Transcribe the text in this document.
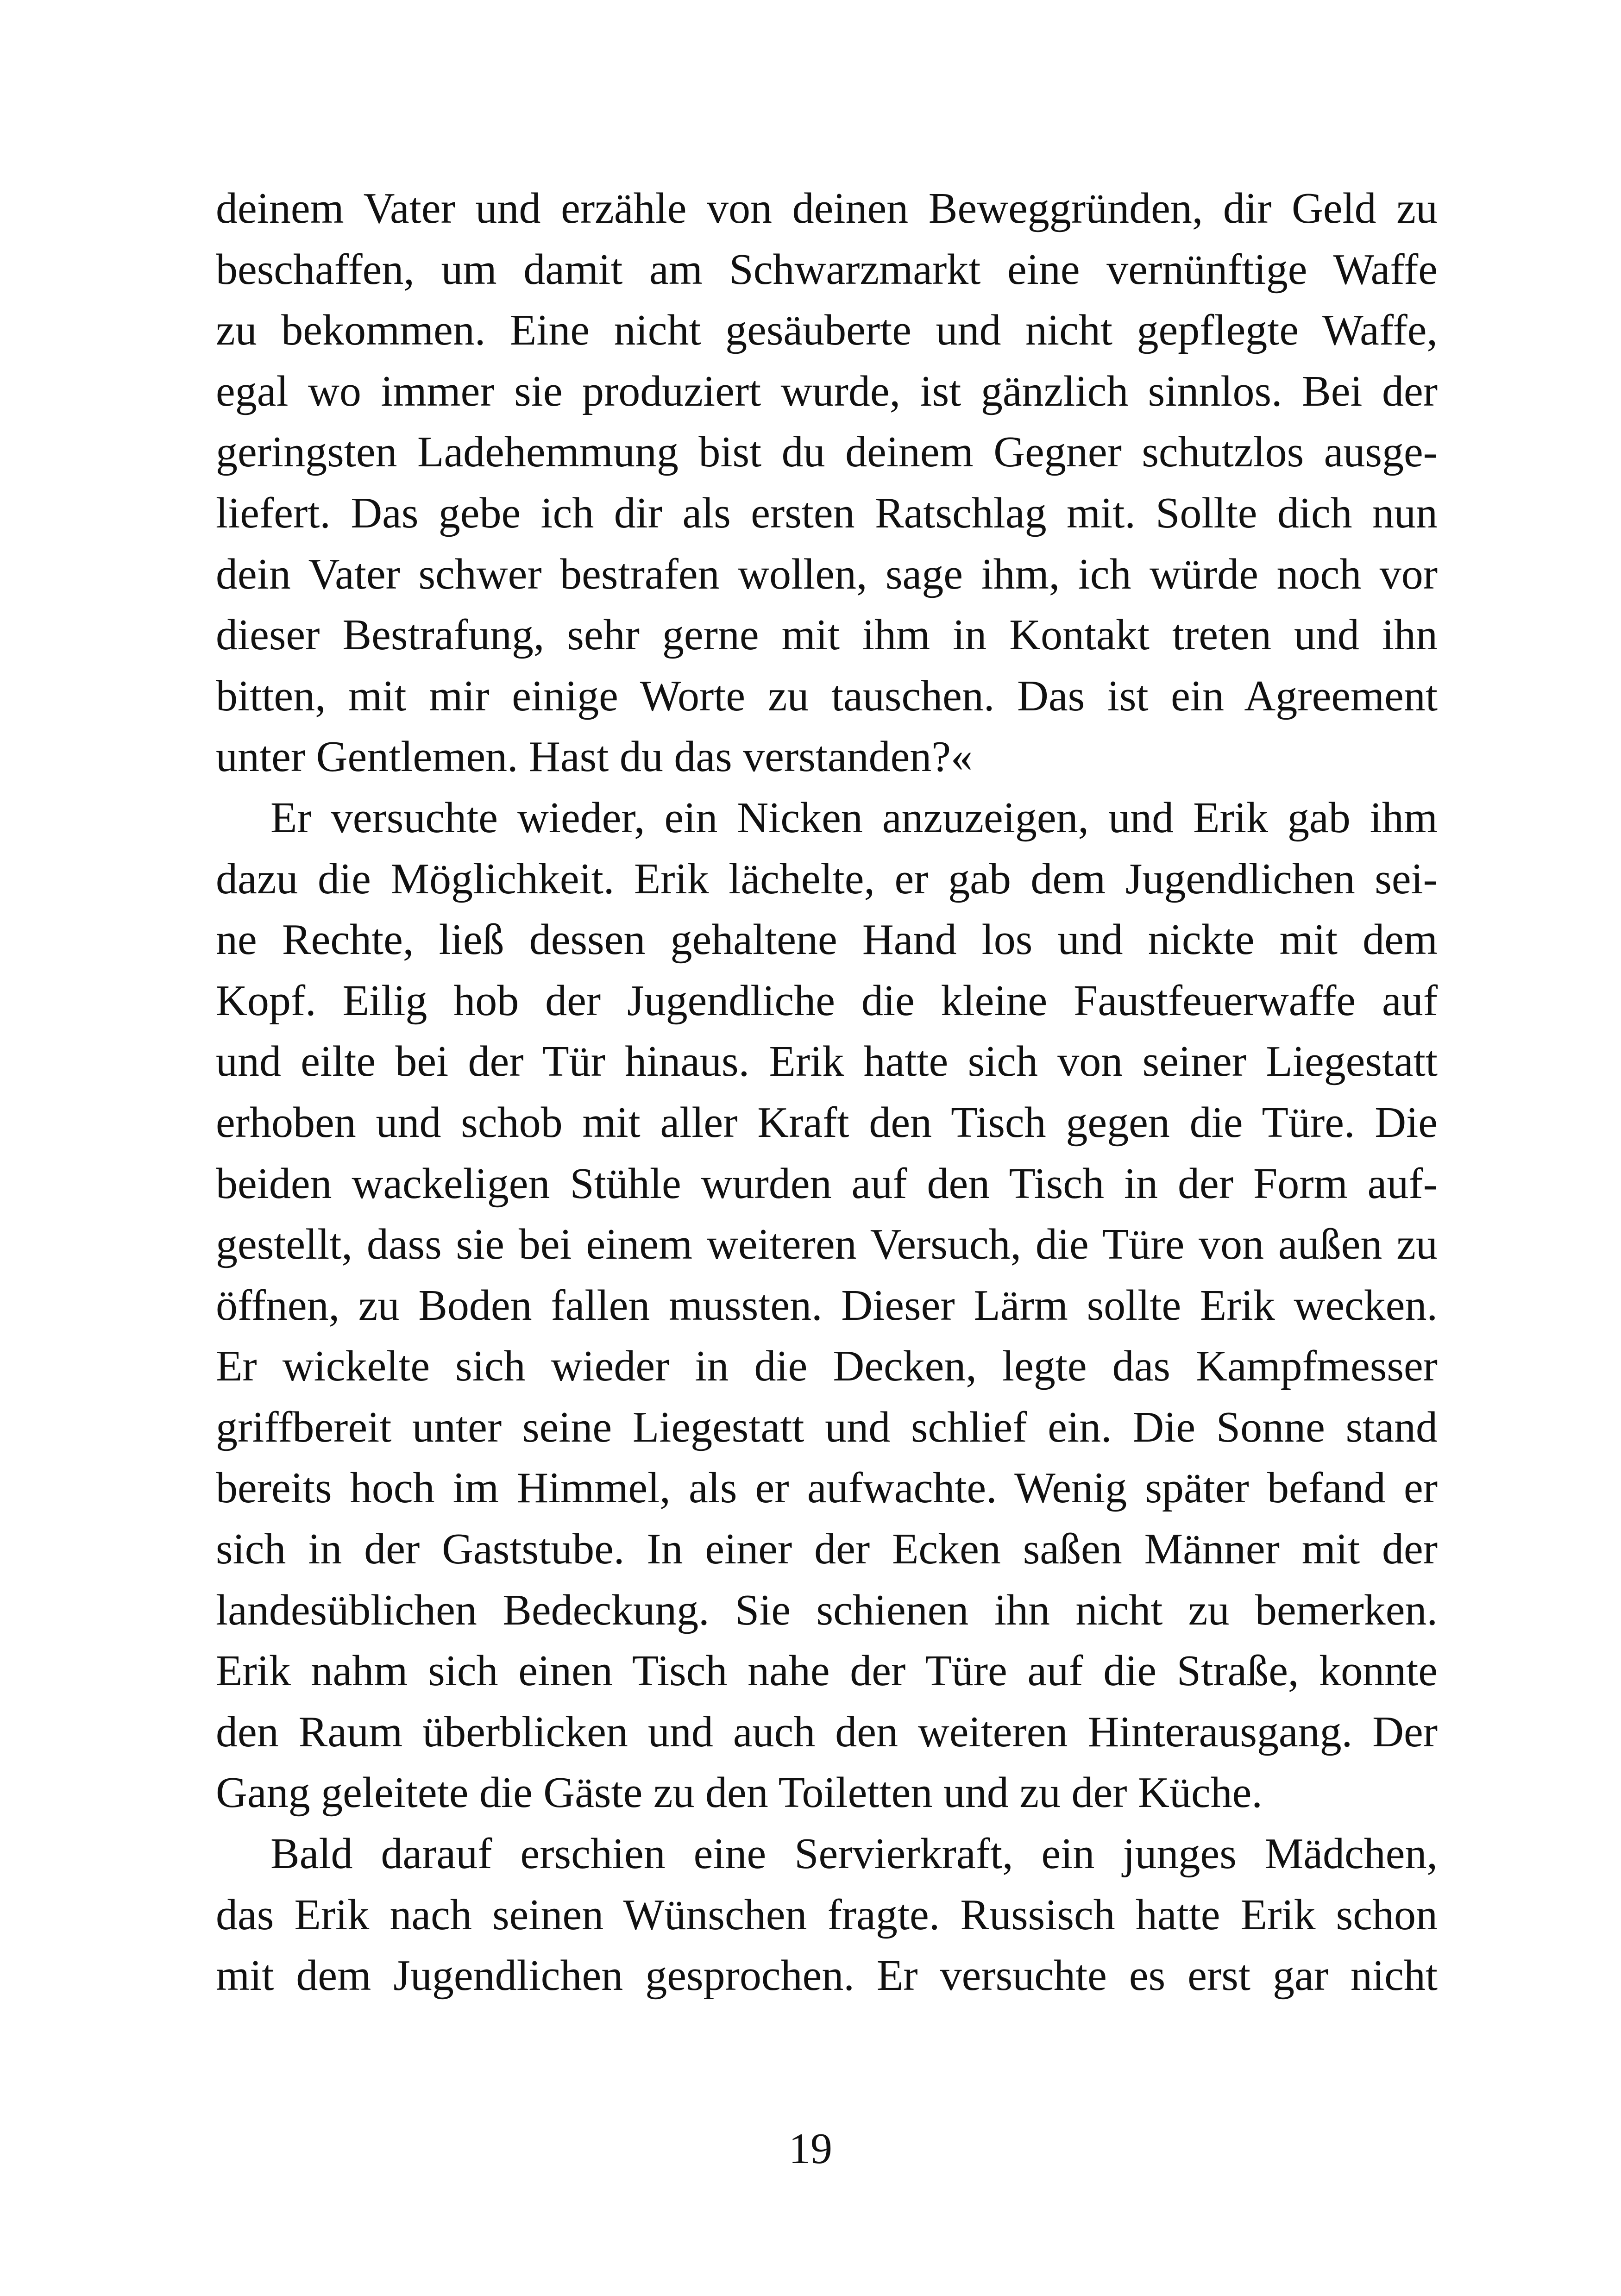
deinem Vater und erzähle von deinen Beweggründen, dir Geld zu
beschaffen, um damit am Schwarzmarkt eine vernünftige Waffe
zu bekommen. Eine nicht gesäuberte und nicht gepflegte Waffe,
egal wo immer sie produziert wurde, ist gänzlich sinnlos. Bei der
geringsten Ladehemmung bist du deinem Gegner schutzlos ausge-
liefert. Das gebe ich dir als ersten Ratschlag mit. Sollte dich nun
dein Vater schwer bestrafen wollen, sage ihm, ich würde noch vor
dieser Bestrafung, sehr gerne mit ihm in Kontakt treten und ihn
bitten, mit mir einige Worte zu tauschen. Das ist ein Agreement
unter Gentlemen. Hast du das verstanden?«

Er versuchte wieder, ein Nicken anzuzeigen, und Erik gab ihm
dazu die Möglichkeit. Erik lächelte, er gab dem Jugendlichen sei-
ne Rechte, ließ dessen gehaltene Hand los und nickte mit dem
Kopf. Eilig hob der Jugendliche die kleine Faustfeuerwaffe auf
und eilte bei der Tür hinaus. Erik hatte sich von seiner Liegestatt
erhoben und schob mit aller Kraft den Tisch gegen die Türe. Die
beiden wackeligen Stühle wurden auf den Tisch in der Form auf-
gestellt, dass sie bei einem weiteren Versuch, die Türe von außen zu
öffnen, zu Boden fallen mussten. Dieser Lärm sollte Erik wecken.
Er wickelte sich wieder in die Decken, legte das Kampfmesser
griffbereit unter seine Liegestatt und schlief ein. Die Sonne stand
bereits hoch im Himmel, als er aufwachte. Wenig später befand er
sich in der Gaststube. In einer der Ecken saßen Männer mit der
landesüblichen Bedeckung. Sie schienen ihn nicht zu bemerken.
Erik nahm sich einen Tisch nahe der Türe auf die Straße, konnte
den Raum überblicken und auch den weiteren Hinterausgang. Der
Gang geleitete die Gäste zu den Toiletten und zu der Küche.

Bald darauf erschien eine Servierkraft, ein junges Mädchen,
das Erik nach seinen Wünschen fragte. Russisch hatte Erik schon
mit dem Jugendlichen gesprochen. Er versuchte es erst gar nicht

19
